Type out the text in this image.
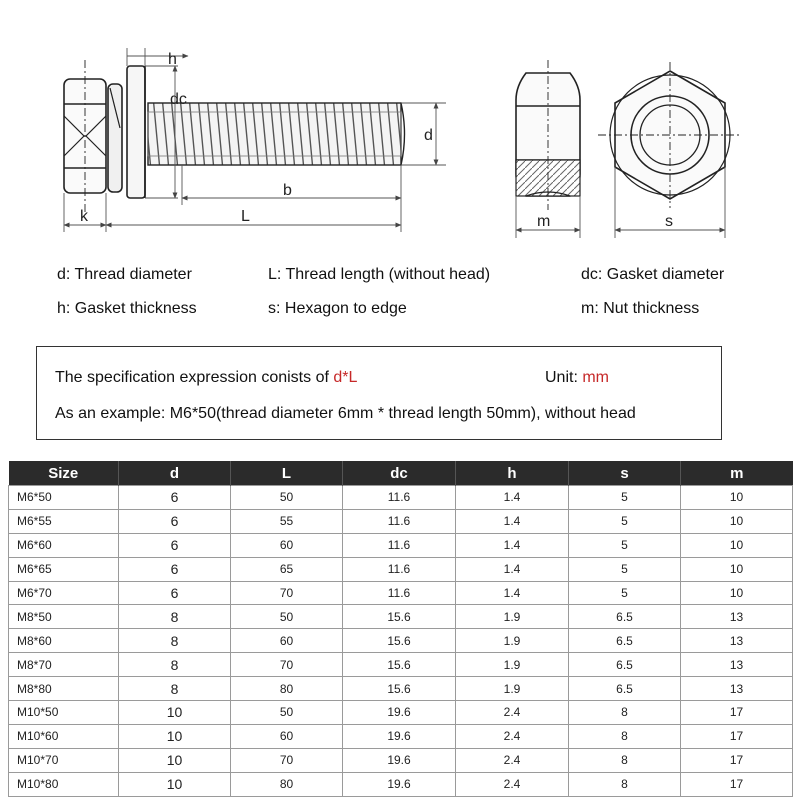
h
dc
d
b
k	L	m	s
d: Thread diameter	L: Thread length (without head)	dc: Gasket diameter
h: Gasket thickness	s: Hexagon to edge	m: Nut thickness
The specification expression conists of d*L	Unit: mm
As an example: M6*50(thread diameter 6mm * thread length 50mm), without head
Size	d	L	dc	h	s	m
M6*50	6	50	11.6	1.4	5	10
M6*55	6	55	11.6	1.4	5	10
M6*60	6	60	11.6	1.4	5	10
M6*65	6	65	11.6	1.4	5	10
M6*70	6	70	11.6	1.4	5	10
M8*50	8	50	15.6	1.9	6.5	13
M8*60	8	60	15.6	1.9	6.5	13
M8*70	8	70	15.6	1.9	6.5	13
M8*80	8	80	15.6	1.9	6.5	13
M10*50	10	50	19.6	2.4	8	17
M10*60	10	60	19.6	2.4	8	17
M10*70	10	70	19.6	2.4	8	17
M10*80	10	80	19.6	2.4	8	17
